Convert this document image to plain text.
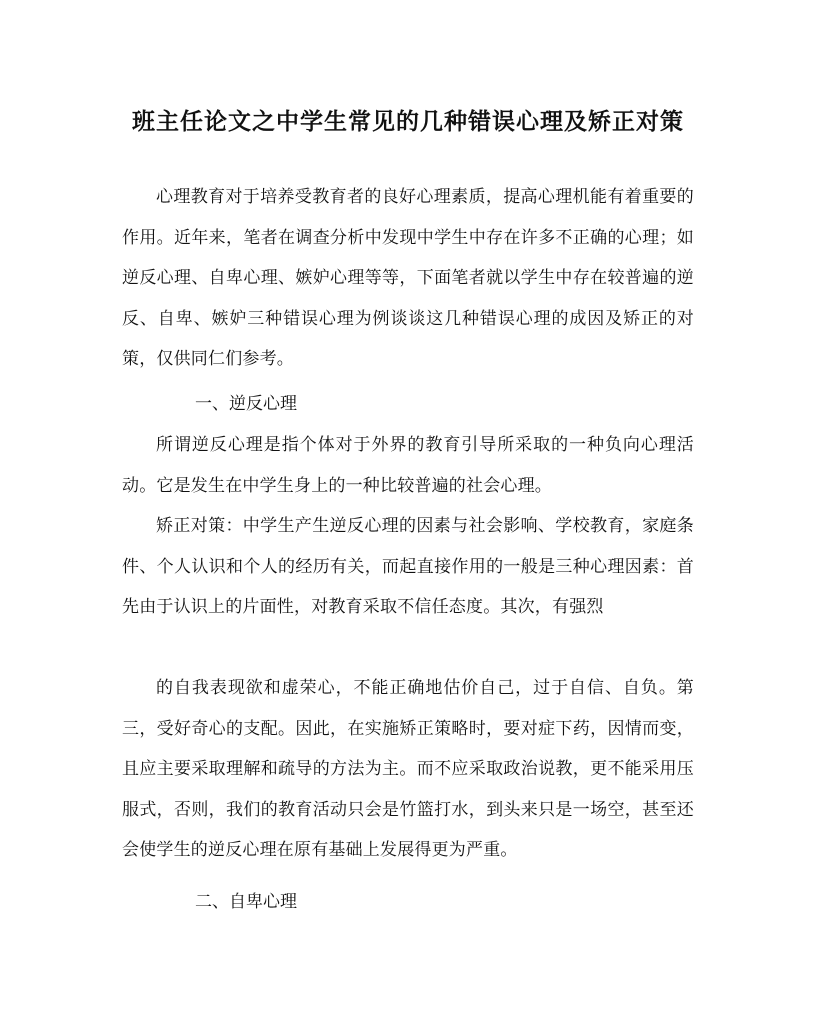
班主任论文之中学生常见的几种错误心理及矫正对策

心理教育对于培养受教育者的良好心理素质，提高心理机能有着重要的作用。近年来，笔者在调查分析中发现中学生中存在许多不正确的心理；如逆反心理、自卑心理、嫉妒心理等等，下面笔者就以学生中存在较普遍的逆反、自卑、嫉妒三种错误心理为例谈谈这几种错误心理的成因及矫正的对策，仅供同仁们参考。

一、逆反心理

所谓逆反心理是指个体对于外界的教育引导所采取的一种负向心理活动。它是发生在中学生身上的一种比较普遍的社会心理。

矫正对策：中学生产生逆反心理的因素与社会影响、学校教育，家庭条件、个人认识和个人的经历有关，而起直接作用的一般是三种心理因素：首先由于认识上的片面性，对教育采取不信任态度。其次，有强烈

的自我表现欲和虚荣心，不能正确地估价自己，过于自信、自负。第三，受好奇心的支配。因此，在实施矫正策略时，要对症下药，因情而变，且应主要采取理解和疏导的方法为主。而不应采取政治说教，更不能采用压服式，否则，我们的教育活动只会是竹篮打水，到头来只是一场空，甚至还会使学生的逆反心理在原有基础上发展得更为严重。

二、自卑心理
